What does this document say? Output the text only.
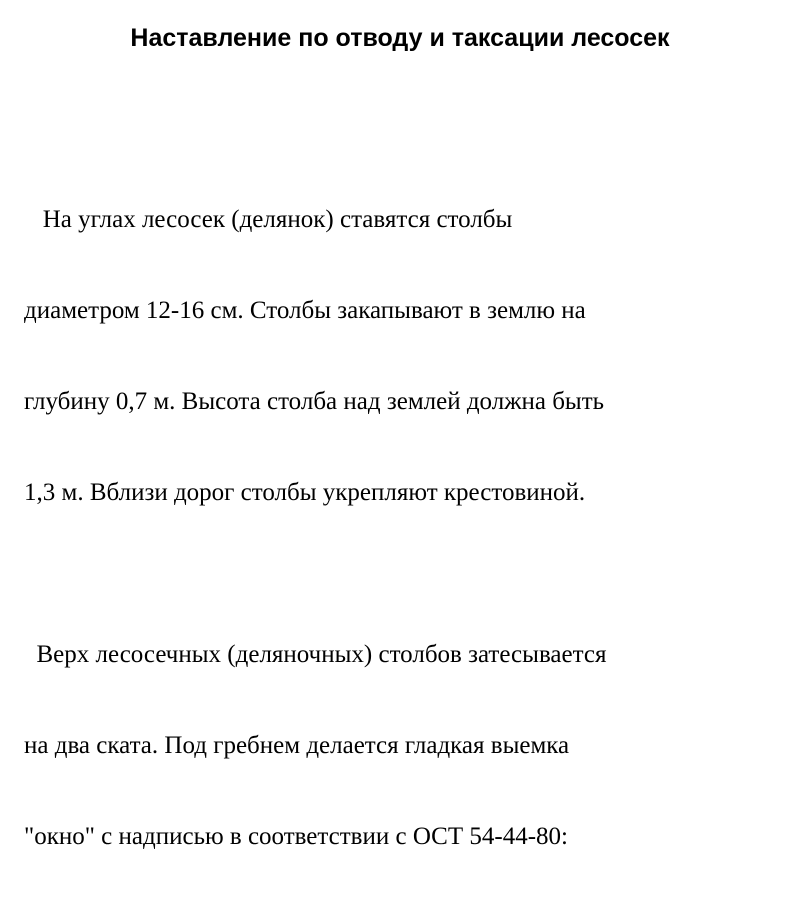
Наставление по отводу и таксации лесосек

На углах лесосек (делянок) ставятся столбы

диаметром 12-16 см. Столбы закапывают в землю на

глубину 0,7 м. Высота столба над землей должна быть

1,3 м. Вблизи дорог столбы укрепляют крестовиной.

Верх лесосечных (деляночных) столбов затесывается

на два ската. Под гребнем делается гладкая выемка

"окно" с надписью в соответствии с ОСТ 54-44-80:
